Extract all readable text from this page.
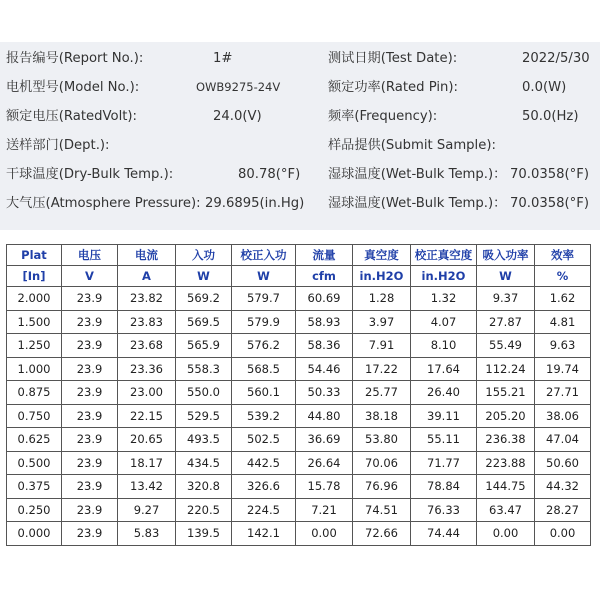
报告编号(Report No.):	1#	测试日期(Test Date):	2022/5/30
电机型号(Model No.):	OWB9275-24V	额定功率(Rated Pin):	0.0(W)
额定电压(RatedVolt):	24.0(V)	频率(Frequency):	50.0(Hz)
送样部门(Dept.):	样品提供(Submit Sample):
干球温度(Dry-Bulk Temp.):	80.78(°F) 湿球温度(Wet-Bulk Temp.)： 70.0358(°F)
大气压(Atmosphere Pressure): 29.6895(in.Hg) 湿球温度(Wet-Bulk Temp.)： 70.0358(°F)
Plat	电压	电流	入功	校正入功	流量	真空度	校正真空度	吸入功率	效率
[In]	V	A	W	W	cfm	in.H2O	in.H2O	W	%
2.000	23.9	23.82	569.2	579.7	60.69	1.28	1.32	9.37	1.62
1.500	23.9	23.83	569.5	579.9	58.93	3.97	4.07	27.87	4.81
1.250	23.9	23.68	565.9	576.2	58.36	7.91	8.10	55.49	9.63
1.000	23.9	23.36	558.3	568.5	54.46	17.22	17.64	112.24	19.74
0.875	23.9	23.00	550.0	560.1	50.33	25.77	26.40	155.21	27.71
0.750	23.9	22.15	529.5	539.2	44.80	38.18	39.11	205.20	38.06
0.625	23.9	20.65	493.5	502.5	36.69	53.80	55.11	236.38	47.04
0.500	23.9	18.17	434.5	442.5	26.64	70.06	71.77	223.88	50.60
0.375	23.9	13.42	320.8	326.6	15.78	76.96	78.84	144.75	44.32
0.250	23.9	9.27	220.5	224.5	7.21	74.51	76.33	63.47	28.27
0.000	23.9	5.83	139.5	142.1	0.00	72.66	74.44	0.00	0.00
